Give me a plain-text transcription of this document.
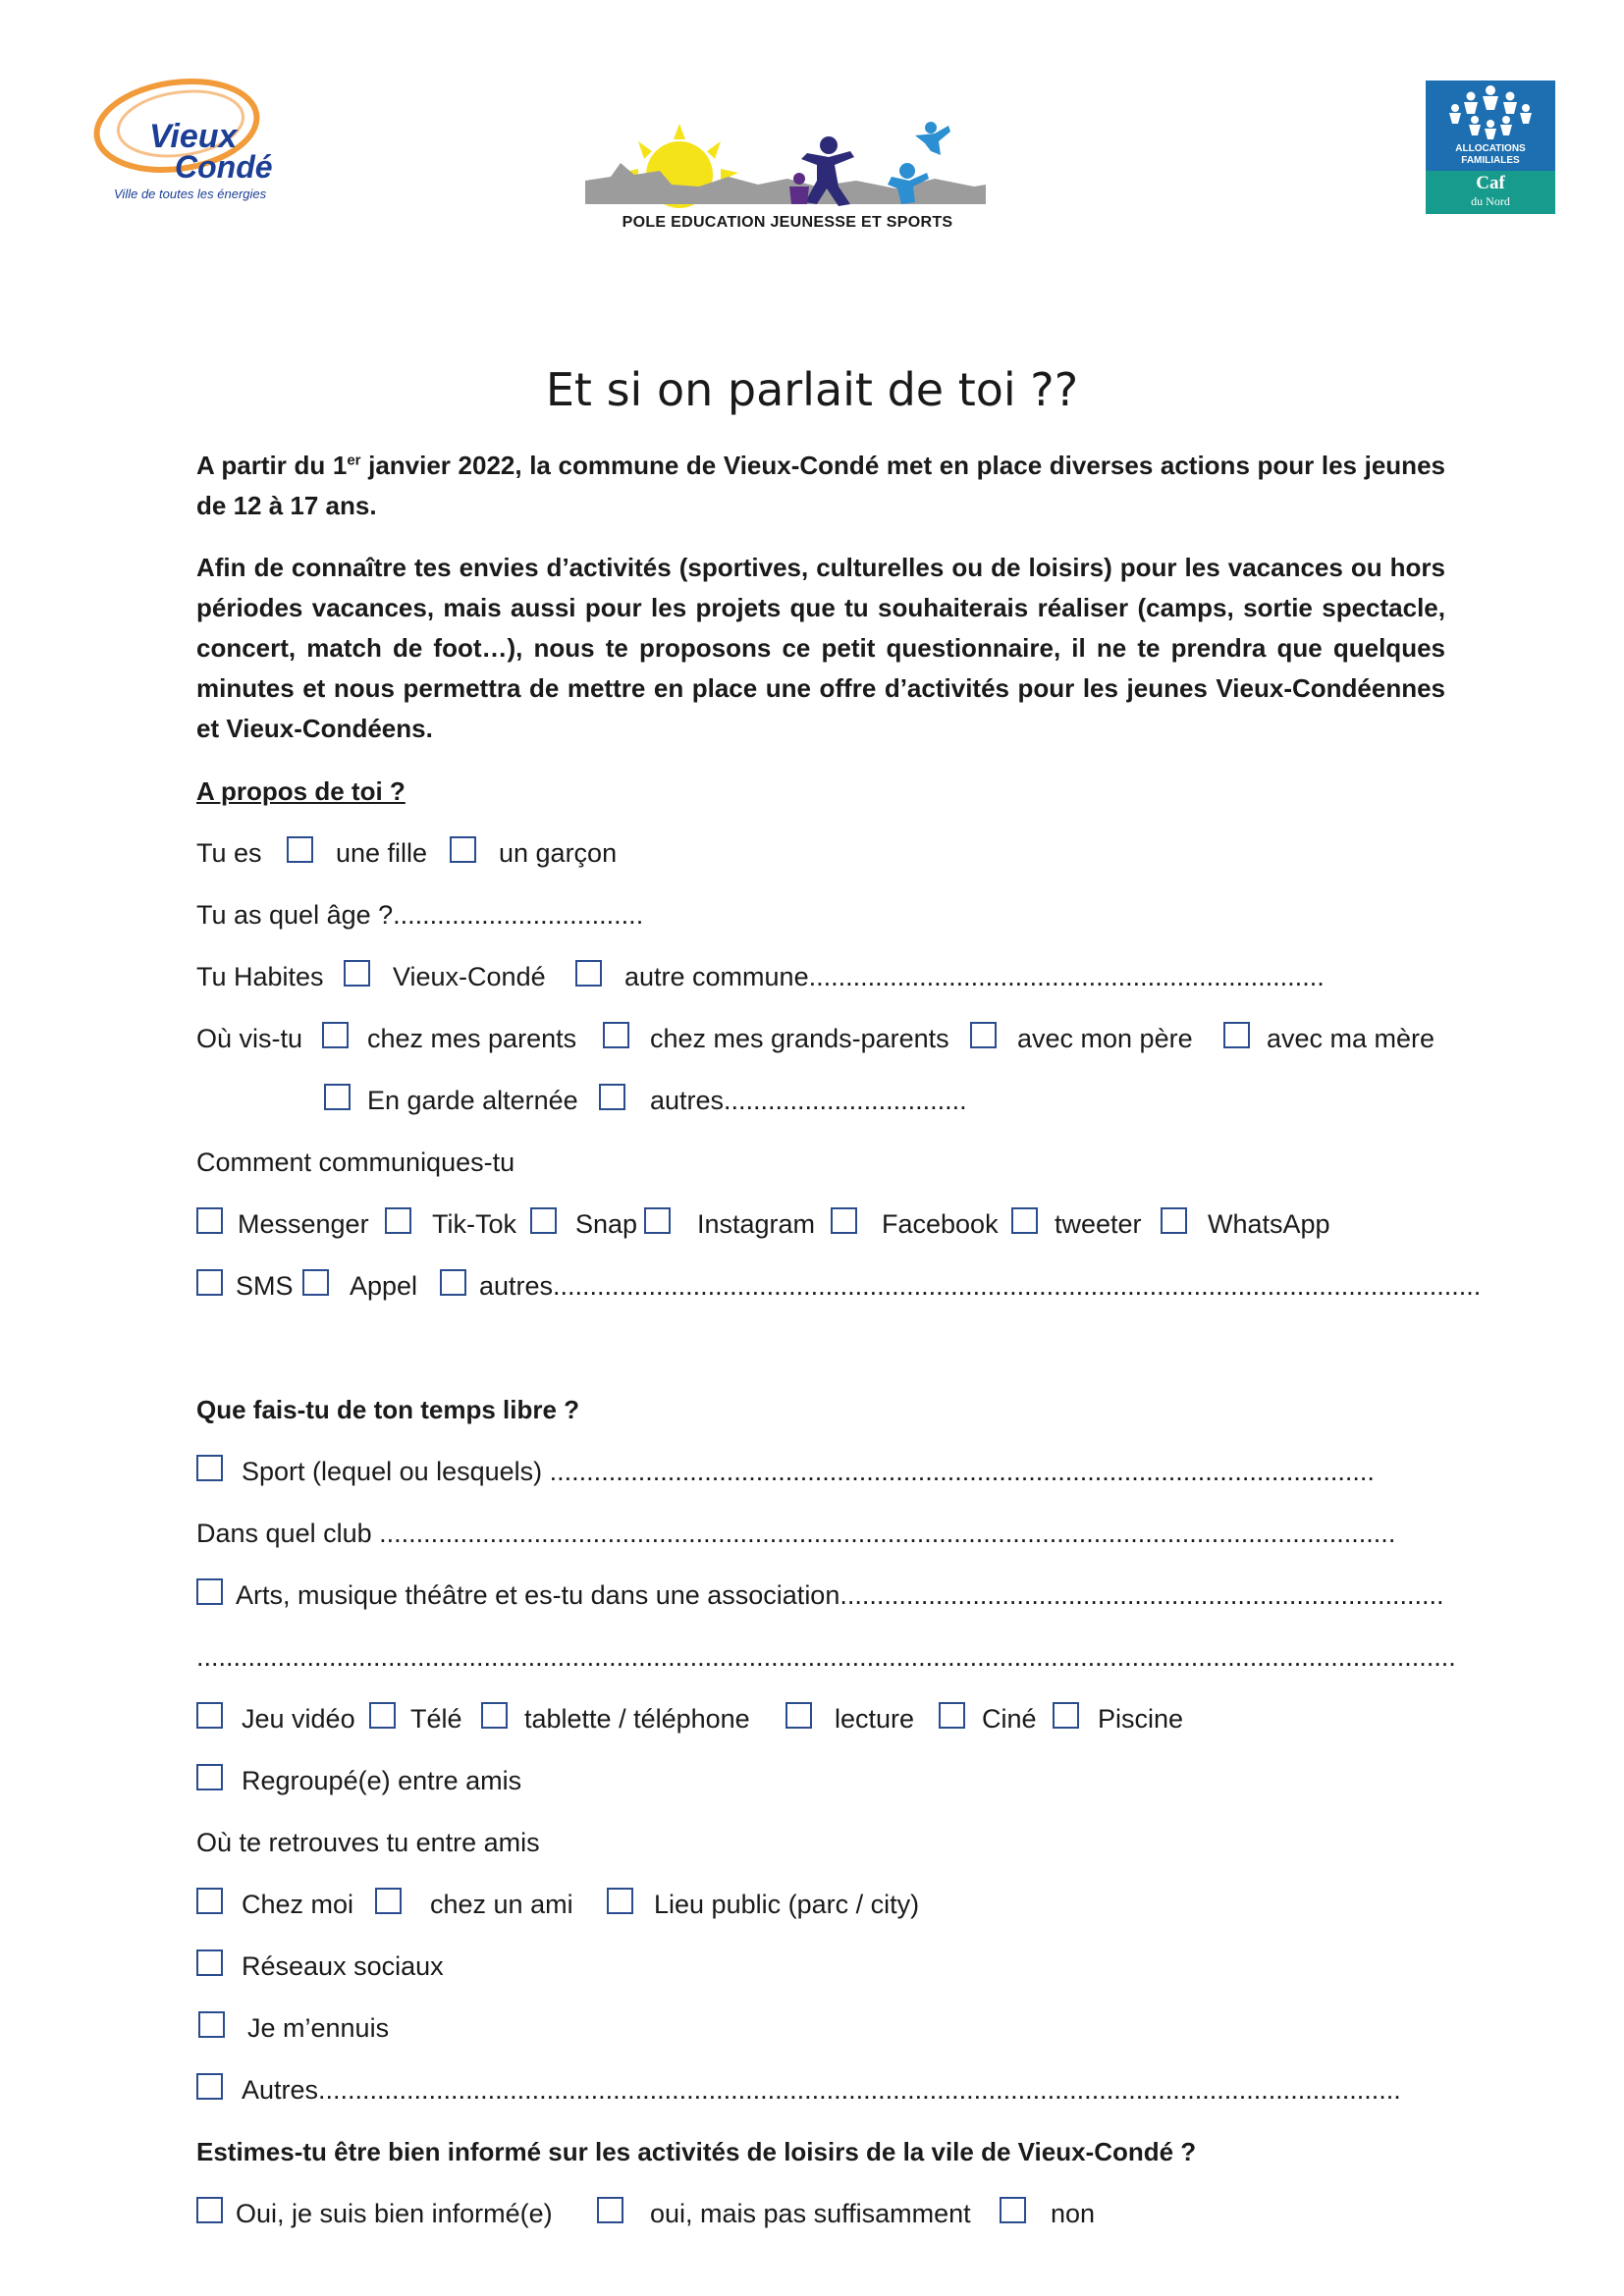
Vieux
Condé
Ville de toutes les énergies
POLE EDUCATION JEUNESSE ET SPORTS
ALLOCATIONS
FAMILIALES
Caf
du Nord
Et si on parlait de toi ??
A partir du 1er janvier 2022, la commune de Vieux-Condé met en place diverses actions pour les jeunes de 12 à 17 ans.
Afin de connaître tes envies d’activités (sportives, culturelles ou de loisirs) pour les vacances ou hors périodes vacances, mais aussi pour les projets que tu souhaiterais réaliser (camps, sortie spectacle, concert, match de foot…), nous te proposons ce petit questionnaire, il ne te prendra que quelques minutes et nous permettra de mettre en place une offre d’activités pour les jeunes Vieux-Condéennes et Vieux-Condéens.
A propos de toi ?
Tu es	une fille	un garçon
Tu as quel âge ?..................................
Tu Habites	Vieux-Condé	autre commune......................................................................
Où vis-tu chez mes parents	chez mes grands-parents	avec mon père	avec ma mère
En garde alternée	autres.................................
Comment communiques-tu
Messenger Tik-Tok Snap Instagram	Facebook tweeter WhatsApp
SMS Appel autres..............................................................................................................................
Que fais-tu de ton temps libre ?
Sport (lequel ou lesquels) ................................................................................................................
Dans quel club ..........................................................................................................................................
Arts, musique théâtre et es-tu dans une association..................................................................................
...........................................................................................................................................................................
Jeu vidéo Télé tablette / téléphone	lecture	Ciné Piscine
Regroupé(e) entre amis
Où te retrouves tu entre amis
Chez moi	chez un ami	Lieu public (parc / city)
Réseaux sociaux
Je m’ennuis
Autres...................................................................................................................................................
Estimes-tu être bien informé sur les activités de loisirs de la vile de Vieux-Condé ?
Oui, je suis bien informé(e)	oui, mais pas suffisamment	non
